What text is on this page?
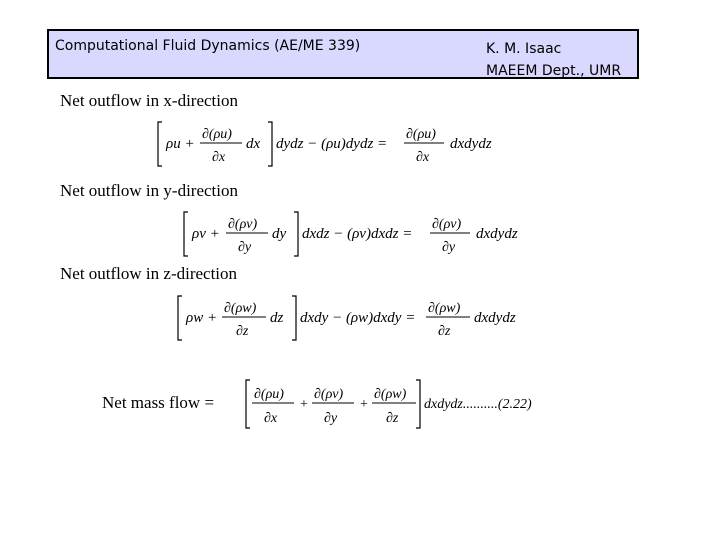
Computational Fluid Dynamics (AE/ME 339)	K. M. Isaac
MAEEM Dept., UMR
Net outflow in x-direction
Net outflow in y-direction
Net outflow in z-direction
Net mass flow =
ρu +
∂(ρu)
∂x
dx dydz − (ρu)dydz =
∂(ρu)
∂x
dxdydz
ρv +
∂(ρv)
∂y
dy dxdz − (ρv)dxdz =
∂(ρv)
∂y
dxdydz
ρw +
∂(ρw)
∂z
dz dxdy − (ρw)dxdy =
∂(ρw)
∂z
dxdydz
∂(ρu)
∂x
+
∂(ρv)
∂y
+
∂(ρw)
∂z
dxdydz..........(2.22)
